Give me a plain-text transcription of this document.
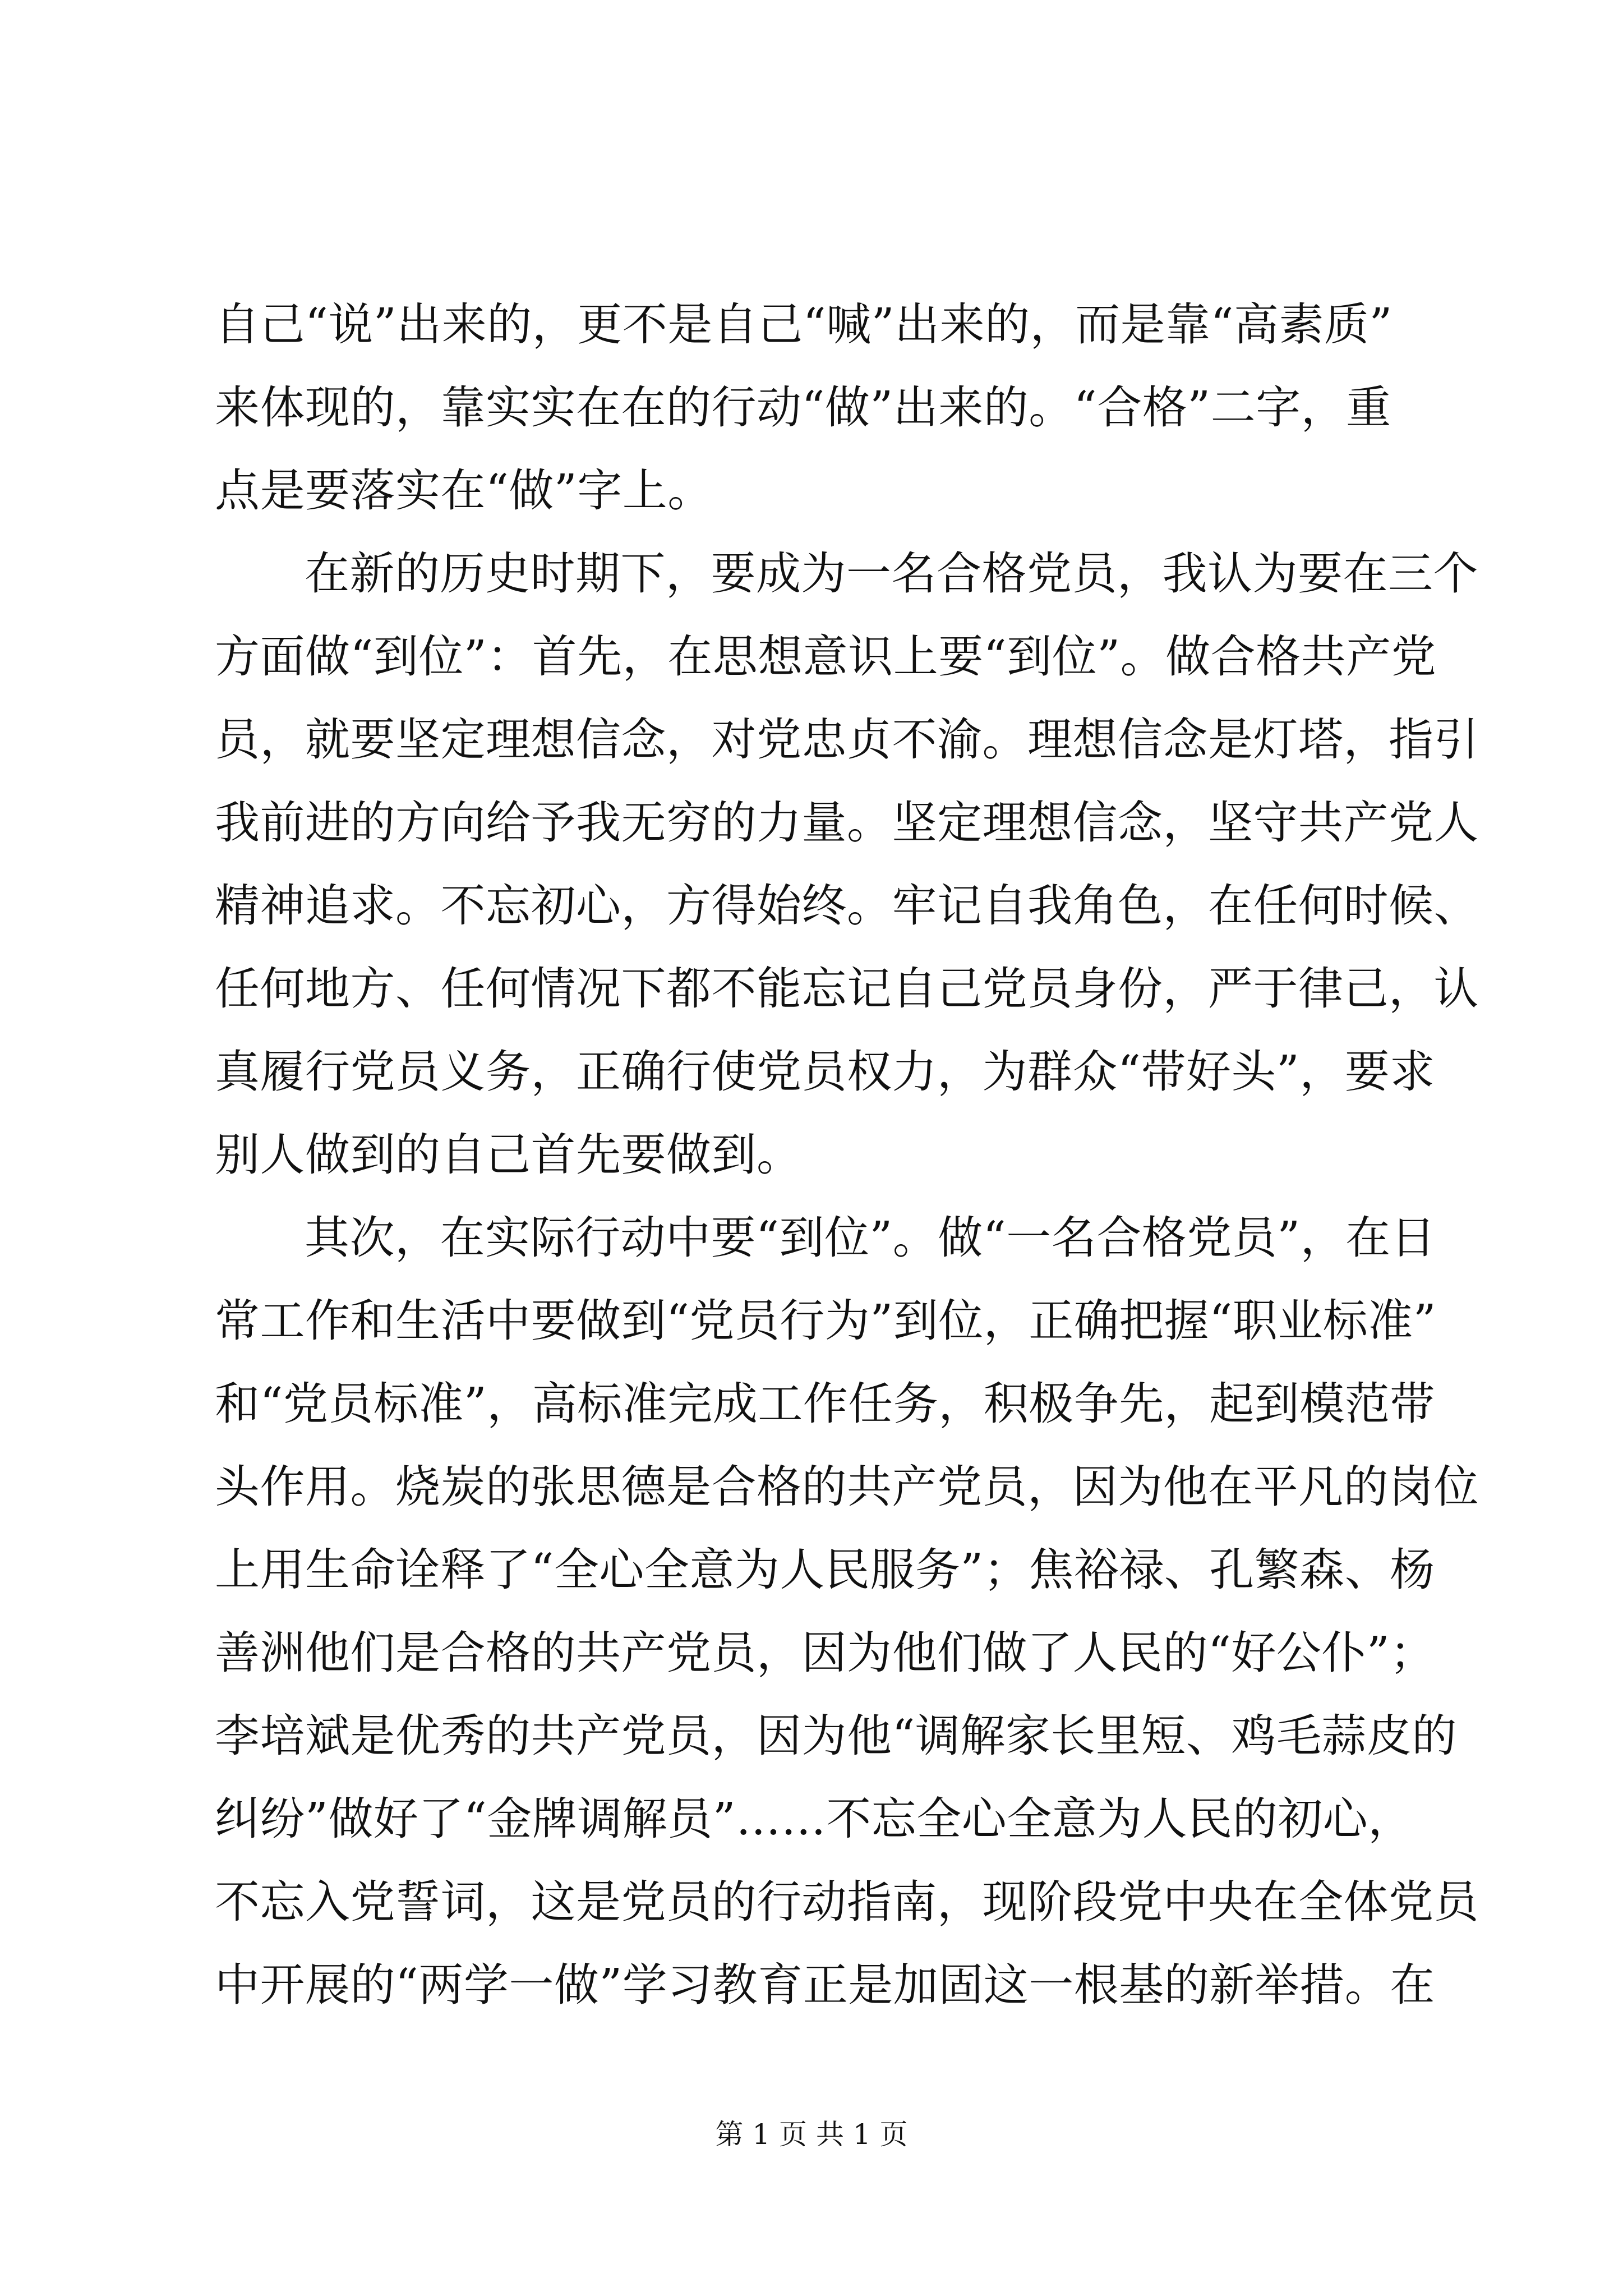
自己“说”出来的，更不是自己“喊”出来的，而是靠“高素质”
来体现的，靠实实在在的行动“做”出来的。“合格”二字，重
点是要落实在“做”字上。
在新的历史时期下，要成为一名合格党员，我认为要在三个
方面做“到位”：首先，在思想意识上要“到位”。做合格共产党
员，就要坚定理想信念，对党忠贞不渝。理想信念是灯塔，指引
我前进的方向给予我无穷的力量。坚定理想信念，坚守共产党人
精神追求。不忘初心，方得始终。牢记自我角色，在任何时候、
任何地方、任何情况下都不能忘记自己党员身份，严于律己，认
真履行党员义务，正确行使党员权力，为群众“带好头”，要求
别人做到的自己首先要做到。
其次，在实际行动中要“到位”。做“一名合格党员”，在日
常工作和生活中要做到“党员行为”到位，正确把握“职业标准”
和“党员标准”，高标准完成工作任务，积极争先，起到模范带
头作用。烧炭的张思德是合格的共产党员，因为他在平凡的岗位
上用生命诠释了“全心全意为人民服务”；焦裕禄、孔繁森、杨
善洲他们是合格的共产党员，因为他们做了人民的“好公仆”；
李培斌是优秀的共产党员，因为他“调解家长里短、鸡毛蒜皮的
纠纷”做好了“金牌调解员”……不忘全心全意为人民的初心，
不忘入党誓词，这是党员的行动指南，现阶段党中央在全体党员
中开展的“两学一做”学习教育正是加固这一根基的新举措。在
第 1 页 共 1 页
